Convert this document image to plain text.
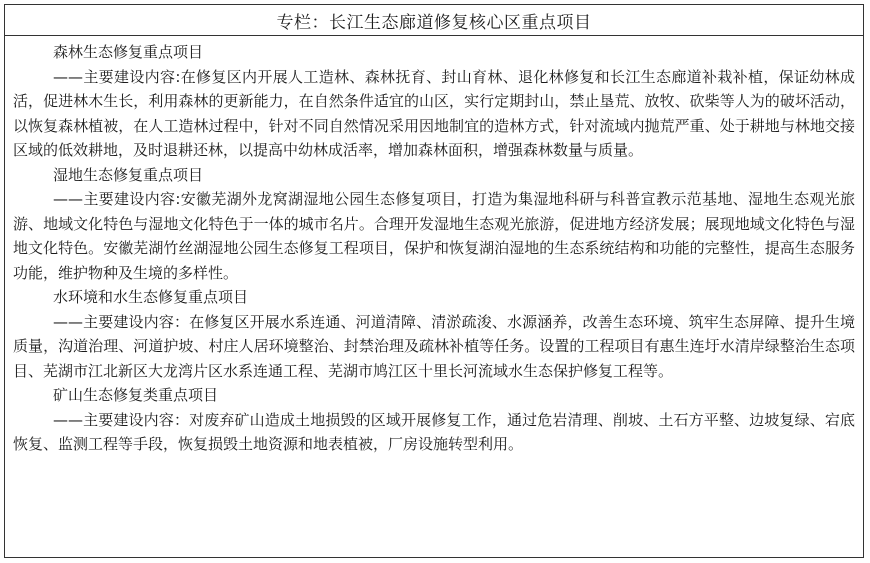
专栏：长江生态廊道修复核心区重点项目

森林生态修复重点项目

——主要建设内容:在修复区内开展人工造林、森林抚育、封山育林、退化林修复和长江生态廊道补栽补植，保证幼林成活，促进林木生长，利用森林的更新能力，在自然条件适宜的山区，实行定期封山，禁止垦荒、放牧、砍柴等人为的破坏活动，以恢复森林植被，在人工造林过程中，针对不同自然情况采用因地制宜的造林方式，针对流域内抛荒严重、处于耕地与林地交接区域的低效耕地，及时退耕还林，以提高中幼林成活率，增加森林面积，增强森林数量与质量。

湿地生态修复重点项目

——主要建设内容:安徽芜湖外龙窝湖湿地公园生态修复项目，打造为集湿地科研与科普宣教示范基地、湿地生态观光旅游、地域文化特色与湿地文化特色于一体的城市名片。合理开发湿地生态观光旅游，促进地方经济发展；展现地域文化特色与湿地文化特色。安徽芜湖竹丝湖湿地公园生态修复工程项目，保护和恢复湖泊湿地的生态系统结构和功能的完整性，提高生态服务功能，维护物种及生境的多样性。

水环境和水生态修复重点项目

——主要建设内容：在修复区开展水系连通、河道清障、清淤疏浚、水源涵养，改善生态环境、筑牢生态屏障、提升生境质量，沟道治理、河道护坡、村庄人居环境整治、封禁治理及疏林补植等任务。设置的工程项目有惠生连圩水清岸绿整治生态项目、芜湖市江北新区大龙湾片区水系连通工程、芜湖市鸠江区十里长河流域水生态保护修复工程等。

矿山生态修复类重点项目

——主要建设内容：对废弃矿山造成土地损毁的区域开展修复工作，通过危岩清理、削坡、土石方平整、边坡复绿、宕底恢复、监测工程等手段，恢复损毁土地资源和地表植被，厂房设施转型利用。
